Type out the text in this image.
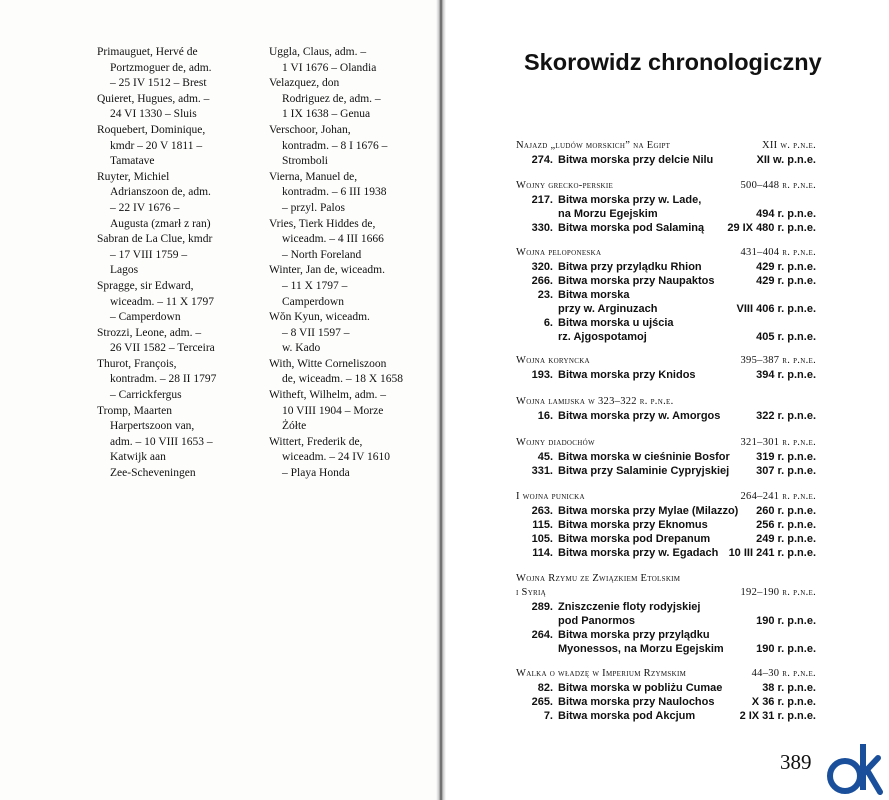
Primauguet, Hervé de
Portzmoguer de, adm.
– 25 IV 1512 – Brest
Quieret, Hugues, adm. –
24 VI 1330 – Sluis
Roquebert, Dominique,
kmdr – 20 V 1811 –
Tamatave
Ruyter, Michiel
Adrianszoon de, adm.
– 22 IV 1676 –
Augusta (zmarł z ran)
Sabran de La Clue, kmdr
– 17 VIII 1759 –
Lagos
Spragge, sir Edward,
wiceadm. – 11 X 1797
– Camperdown
Strozzi, Leone, adm. –
26 VII 1582 – Terceira
Thurot, François,
kontradm. – 28 II 1797
– Carrickfergus
Tromp, Maarten
Harpertszoon van,
adm. – 10 VIII 1653 –
Katwijk aan
Zee-Scheveningen
Uggla, Claus, adm. –
1 VI 1676 – Olandia
Velazquez, don
Rodriguez de, adm. –
1 IX 1638 – Genua
Verschoor, Johan,
kontradm. – 8 I 1676 –
Stromboli
Vierna, Manuel de,
kontradm. – 6 III 1938
– przyl. Palos
Vries, Tierk Hiddes de,
wiceadm. – 4 III 1666
– North Foreland
Winter, Jan de, wiceadm.
– 11 X 1797 –
Camperdown
Wŏn Kyun, wiceadm.
– 8 VII 1597 –
w. Kado
With, Witte Corneliszoon
de, wiceadm. – 18 X 1658
Witheft, Wilhelm, adm. –
10 VIII 1904 – Morze
Żółte
Wittert, Frederik de,
wiceadm. – 24 IV 1610
– Playa Honda
Skorowidz chronologiczny
Najazd „ludów morskich” na Egipt	XII w. p.n.e.
274. Bitwa morska przy delcie Nilu	XII w. p.n.e.
Wojny grecko-perskie	500–448 r. p.n.e.
217. Bitwa morska przy w. Lade,
na Morzu Egejskim	494 r. p.n.e.
330. Bitwa morska pod Salaminą 29 IX 480 r. p.n.e.
Wojna peloponeska	431–404 r. p.n.e.
320. Bitwa przy przylądku Rhion	429 r. p.n.e.
266. Bitwa morska przy Naupaktos	429 r. p.n.e.
23. Bitwa morska
przy w. Arginuzach	VIII 406 r. p.n.e.
6. Bitwa morska u ujścia
rz. Ajgospotamoj	405 r. p.n.e.
Wojna koryncka	395–387 r. p.n.e.
193. Bitwa morska przy Knidos	394 r. p.n.e.
Wojna lamijska w 323–322 r. p.n.e.
16. Bitwa morska przy w. Amorgos	322 r. p.n.e.
Wojny diadochów	321–301 r. p.n.e.
45. Bitwa morska w cieśninie Bosfor 319 r. p.n.e.
331. Bitwa przy Salaminie Cypryjskiej 307 r. p.n.e.
I wojna punicka	264–241 r. p.n.e.
263. Bitwa morska przy Mylae (Milazzo) 260 r. p.n.e.
115. Bitwa morska przy Eknomus	256 r. p.n.e.
105. Bitwa morska pod Drepanum	249 r. p.n.e.
114. Bitwa morska przy w. Egadach 10 III 241 r. p.n.e.
Wojna Rzymu ze Związkiem Etolskim
i Syrią	192–190 r. p.n.e.
289. Zniszczenie floty rodyjskiej
pod Panormos	190 r. p.n.e.
264. Bitwa morska przy przylądku
Myonessos, na Morzu Egejskim	190 r. p.n.e.
Walka o władzę w Imperium Rzymskim	44–30 r. p.n.e.
82. Bitwa morska w pobliżu Cumae	38 r. p.n.e.
265. Bitwa morska przy Naulochos	X 36 r. p.n.e.
7. Bitwa morska pod Akcjum	2 IX 31 r. p.n.e.
389
